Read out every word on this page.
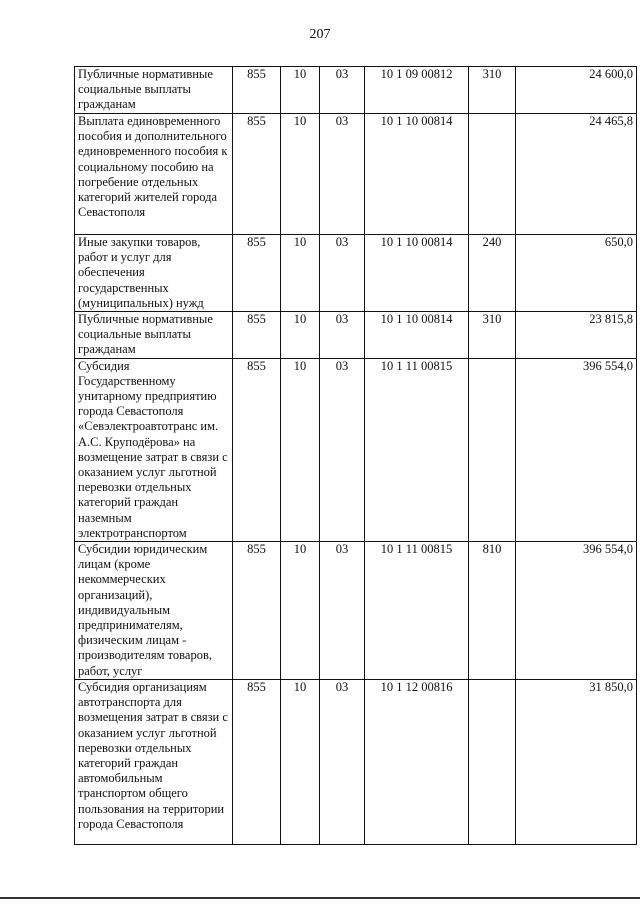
207
Публичные нормативные социальные выплаты гражданам	855	10	03	10 1 09 00812	310	24 600,0
Выплата единовременного пособия и дополнительного единовременного пособия к социальному пособию на погребение отдельных категорий жителей города Севастополя	855	10	03	10 1 10 00814		24 465,8
Иные закупки товаров, работ и услуг для обеспечения государственных (муниципальных) нужд	855	10	03	10 1 10 00814	240	650,0
Публичные нормативные социальные выплаты гражданам	855	10	03	10 1 10 00814	310	23 815,8
Субсидия Государственному унитарному предприятию города Севастополя «Севэлектроавтотранс им. А.С. Круподёрова» на возмещение затрат в связи с оказанием услуг льготной перевозки отдельных категорий граждан наземным электротранспортом	855	10	03	10 1 11 00815		396 554,0
Субсидии юридическим лицам (кроме некоммерческих организаций), индивидуальным предпринимателям, физическим лицам - производителям товаров, работ, услуг	855	10	03	10 1 11 00815	810	396 554,0
Субсидия организациям автотранспорта для возмещения затрат в связи с оказанием услуг льготной перевозки отдельных категорий граждан автомобильным транспортом общего пользования на территории города Севастополя	855	10	03	10 1 12 00816		31 850,0
